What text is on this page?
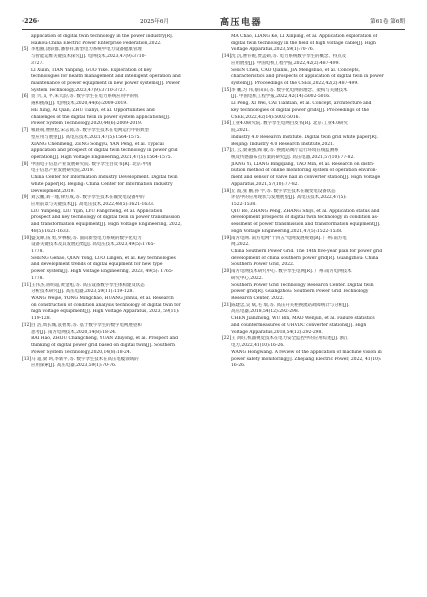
·226·	2025年6月	高压电器	第61卷 第6期
application of digital twin technology in the power industry[R].
Haikou:China Electric Power Enterprise Federation,2022.
[5] 李旭丽,饶轶群,潘春祥,新型电力系统中电力设备健康管理
与智能运维关键技术探究[J]. 电网技术,2023,47(9):3710-
3727.
LI Xulin, TIAN Yanping, GUO Yike. Exploration of key
technologies for health management and intelligent operation and
maintenance of power equipment in new power systems[J]. Power
System Technology,2023,47(9):3710-3727.
[6] 贺 兴,艾 芊,朱天韵,等. 数字孪生在电力系统应用中的机
遇和挑战[J]. 电网技术,2020,44(6):2009-2019.
HE Xing, AI Qian, ZHU Tianyi, et al. Opportunities and
challenges of the digital twin in power system applications[J].
Power System Technology,2020,44(6):2009-2019.
[7] 相晨萌,曹照松,宋志岗,等. 数字孪生技术在电网运行中的典型
型应用与展望[J]. 高电压技术,2021,47(5):1564-1575.
XIANG Chenmeng, ZENG Songyu, YAN Peng, et al. Typical
application and prospect of digital twin technology in power grid
operation[J]. High Voltage Engineering,2021,47(5):1564-1575.
[8] 中国电子信息产业发展研究院. 数字孪生白皮书[R]. 北京:中国
电子信息产业发展研究院,2019.
China Center for Information Industry Development. Digital twin
white paper[R]. Beijing: China Center for Information Industry
Development,2019.
[9] 刘云鹏,刘一瑾,律方成,等. 数字孪生技术在输变电设备中的
应用前景与关键技术[J]. 高电压技术,2022,48(5):1621-1633.
LIU Yunpeng, LIU Yijin, LYU Fangcheng, et al. Application
prospect and key technology of digital twin in power transmission
and transformation equipment[J]. High Voltage Engineering, 2022,
48(5):1621-1633.
[10] 盛戈皞,钱 勇,罗林根,等. 面向新型电力系统的数字化电力
设备关键技术及其发展趋势[J]. 高电压技术,2023,49(5):1765-
1778.
SHENG Gehao, QIAN Yong, LUO Lingen, et al. Key technologies
and development trends of digital equipment for new type
power system[J]. High Voltage Engineering, 2023, 49(5): 1765-
1778.
[11] 王伟杰,蒋明超,黄金旭,等. 高压设备数字孪生体构建及状态
分析技术研究[J]. 高压电器,2023,59(11):119-128.
WANG Weijie, YONG Mingchao, HUANG Jinhui, et al. Research
on construction of condition analysis technology of digital twin for
high voltage equipment[J]. High Voltage Apparatus, 2023, 59(11):
119-128.
[12] 白 浩,周长城,袁智勇,等. 基于数字孪生的数字电网展望和
思考[J]. 南方电网技术,2020,14(8):18-24.
BAI Hao, ZHOU Changcheng, YUAN Zhiyong, et al. Prospect and
thinking of digital power grid based on digital twin[J]. Southern
Power System Technology,2020,14(8):18-24.
[13] 马 超,梁 珂,李新平,等. 数字孪生技术在高压电缆领域的
应用探索[J]. 高压电器,2023,59(1):70-76.
MA Chao, LIANG Ke, LI Xinping, et al. Application exploration of
digital twin technology in the field of high voltage cable[J]. High
Voltage Apparatus,2023,59(1):70-76.
[14] 沈 沉,曹仟妮,贾孟硕,等. 电力系统数字孪生的概念、特点及
应用展望[J]. 中国电机工程学报,2022,42(2):487-499.
SHEN Chen, CAO Qianni, JIA Mengshuo, et al. Concepts,
characteristics and prospects of application of digital twin in power
system[J]. Proceedings of the CSEE,2022,42(2):487-499.
[15] 李 鹏,习 伟,蔡田田,等. 数字化电网的理念、架构与关键技术
[J]. 中国电机工程学报,2022,42(14):5002-5016.
LI Peng, XI Wei, CAI Tiantian, et al. Concept, architecture and
key technologies of digital power grids[J]. Proceedings of the
CSEE,2022,42(14):5002-5016.
[16] 工业4.0研究院. 数字孪生电网白皮书[R]. 北京:工业4.0研究
院,2021.
Industry 4.0 Research Institute. Digital twin grid white paper[R].
Beijing: Industry 4.0 Research Institute,2021.
[17] 江 云,梁秉强,陶 敏,等. 换流站阀厅运行环境在线监测系
统及传感器布点方案的研究[J]. 高压电器,2021,57(10):77-82.
JIANG Yi, LIANG Bingqiang, TAO Min, et al. Research on distri-
bution method of online monitoring system of operation environ-
ment and sensor of valve hall in converter station[J]. High Voltage
Apparatus,2021,57(10):77-82.
[18] 丘 波,张 鹏,孙 学,等. 数字孪生技术在输变电设备状态
评估中的应用现状与发展展望[J]. 高电压技术,2022,47(5):
1522-1538.
QIU Bo, ZHANG Peng, ZHANG Shiyi, et al. Application status and
development prospects of digital twin technology in condition as-
sessment of power transmission and transformation equipment[J].
High Voltage Engineering,2021,47(5):1522-1538.
[19] 南方电网. 南方电网"十四五"电网发展规划[R]. 广州:南方电
网,2022.
China Southern Power Grid. The 14th five-year plan for power grid
development of china southern power grid[R]. Guangzhou: China
Southern Power Grid, 2022.
[20] 南方电网技术研究中心. 数字孪生电网[R]. 广州:南方电网技术
研究中心,2022.
Southern Power Grid Technology Research Center. Digital twin
power grid[R]. Guangzhou: Southern Power Grid Technology
Research Center, 2022.
[21] 陈建忠,吴 斌,毛 瑞,等. 高压开关柜换流站故障统计与分析[J].
高压电器,2018,54(12):292-298.
CHEN Jianzhong, WU Bin, MAO Wenjun, et al. Failure statistics
and countermeasures of UHVDC converter stations[J]. High
Voltage Apparatus,2018,54(12):292-298.
[22] 王 鸿旺,机器视觉技术在电力安全监控中的应用综述[J]. 浙江
电力,2022,41(10):16-26.
WANG Hongwang. A review of the application of machine vision in
power safety monitoring[J]. Zhejiang Electric Power, 2022, 41(10):
16-26.
